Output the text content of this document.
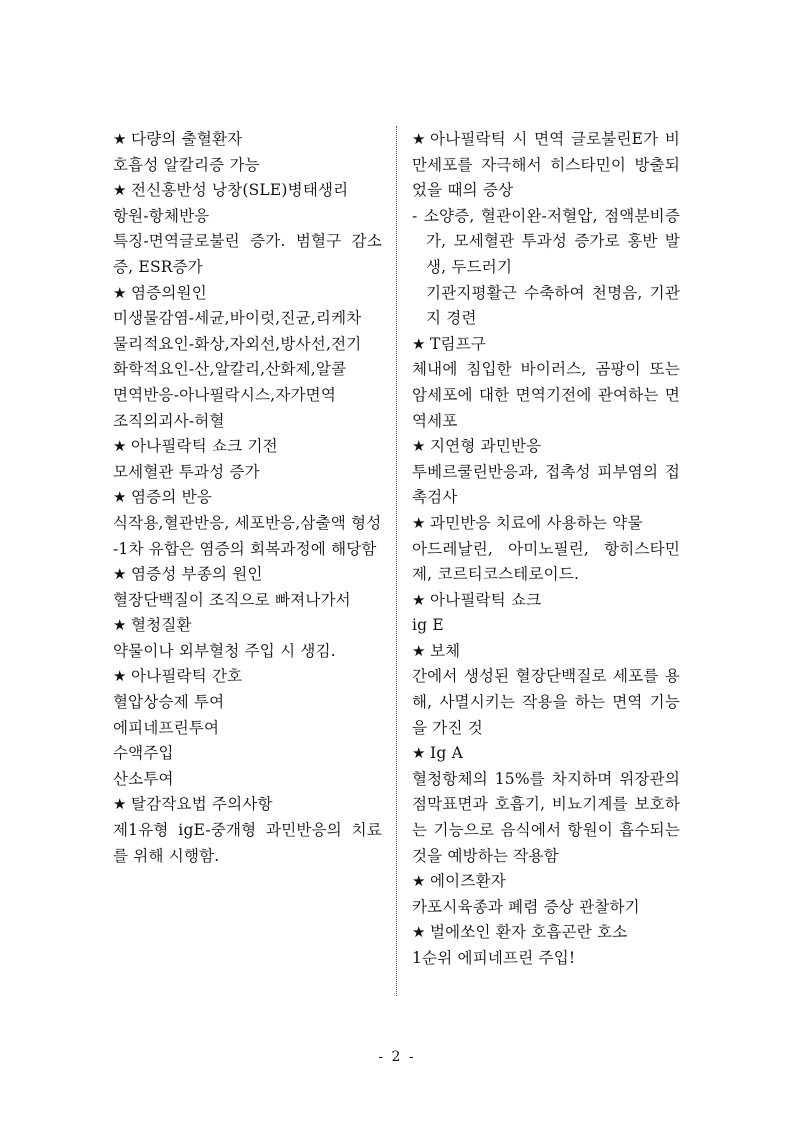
★ 다량의 출혈환자
호흡성 알칼리증 가능
★ 전신홍반성 낭창(SLE)병태생리
항원-항체반응
특징-면역글로불린 증가. 범혈구 감소증, ESR증가
★ 염증의원인
미생물감염-세균,바이럿,진균,리케차
물리적요인-화상,자외선,방사선,전기
화학적요인-산,알칼리,산화제,알콜
면역반응-아나필락시스,자가면역
조직의괴사-허혈
★ 아나필락틱 쇼크 기전
모세혈관 투과성 증가
★ 염증의 반응
식작용,혈관반응, 세포반응,삼출액 형성
-1차 유합은 염증의 회복과정에 해당함
★ 염증성 부종의 원인
혈장단백질이 조직으로 빠져나가서
★ 혈청질환
약물이나 외부혈청 주입 시 생김.
★ 아나필락틱 간호
혈압상승제 투여
에피네프린투여
수액주입
산소투여
★ 탈감작요법 주의사항
제1유형 igE-중개형 과민반응의 치료를 위해 시행함.
★ 아나필락틱 시 면역 글로불린E가 비만세포를 자극해서 히스타민이 방출되었을 때의 증상
- 소양증, 혈관이완-저혈압, 점액분비증가, 모세혈관 투과성 증가로 홍반 발생, 두드러기
기관지평활근 수축하여 천명음, 기관지 경련
★ T림프구
체내에 침입한 바이러스, 곰팡이 또는 암세포에 대한 면역기전에 관여하는 면역세포
★ 지연형 과민반응
투베르쿨린반응과, 접촉성 피부염의 접촉검사
★ 과민반응 치료에 사용하는 약물
아드레날린, 아미노필린, 항히스타민제, 코르티코스테로이드.
★ 아나필락틱 쇼크
ig E
★ 보체
간에서 생성된 혈장단백질로 세포를 용해, 사멸시키는 작용을 하는 면역 기능을 가진 것
★ Ig A
혈청항체의 15%를 차지하며 위장관의 점막표면과 호흡기, 비뇨기계를 보호하는 기능으로 음식에서 항원이 흡수되는 것을 예방하는 작용함
★ 에이즈환자
카포시육종과 폐렴 증상 관찰하기
★ 벌에쏘인 환자 호흡곤란 호소
1순위 에피네프린 주입!
- 2 -
